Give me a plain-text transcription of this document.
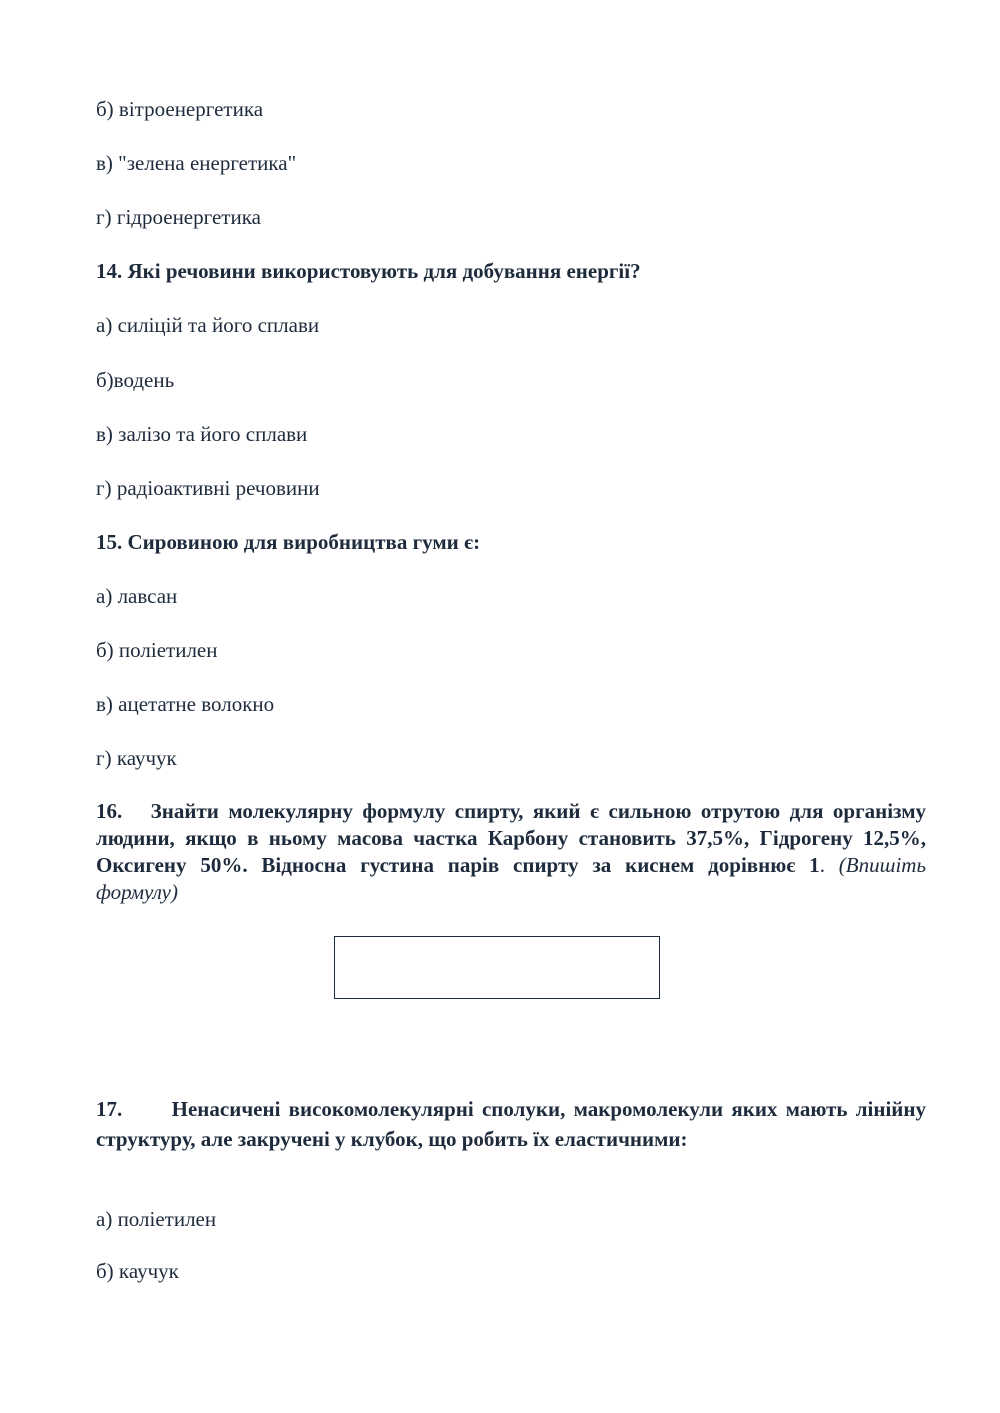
б) вітроенергетика
в) "зелена енергетика"
г) гідроенергетика
14. Які речовини використовують для добування енергії?
а) силіцій та його сплави
б)водень
в) залізо та його сплави
г) радіоактивні речовини
15. Сировиною для виробництва гуми є:
а) лавсан
б) поліетилен
в) ацетатне волокно
г) каучук
16. Знайти молекулярну формулу спирту, який є сильною отрутою для організму людини, якщо в ньому масова частка Карбону становить 37,5%, Гідрогену 12,5%, Оксигену 50%. Відносна густина парів спирту за киснем дорівнює 1. (Впишіть формулу)
17. Ненасичені високомолекулярні сполуки, макромолекули яких мають лінійну структуру, але закручені у клубок, що робить їх еластичними:
а) поліетилен
б) каучук
